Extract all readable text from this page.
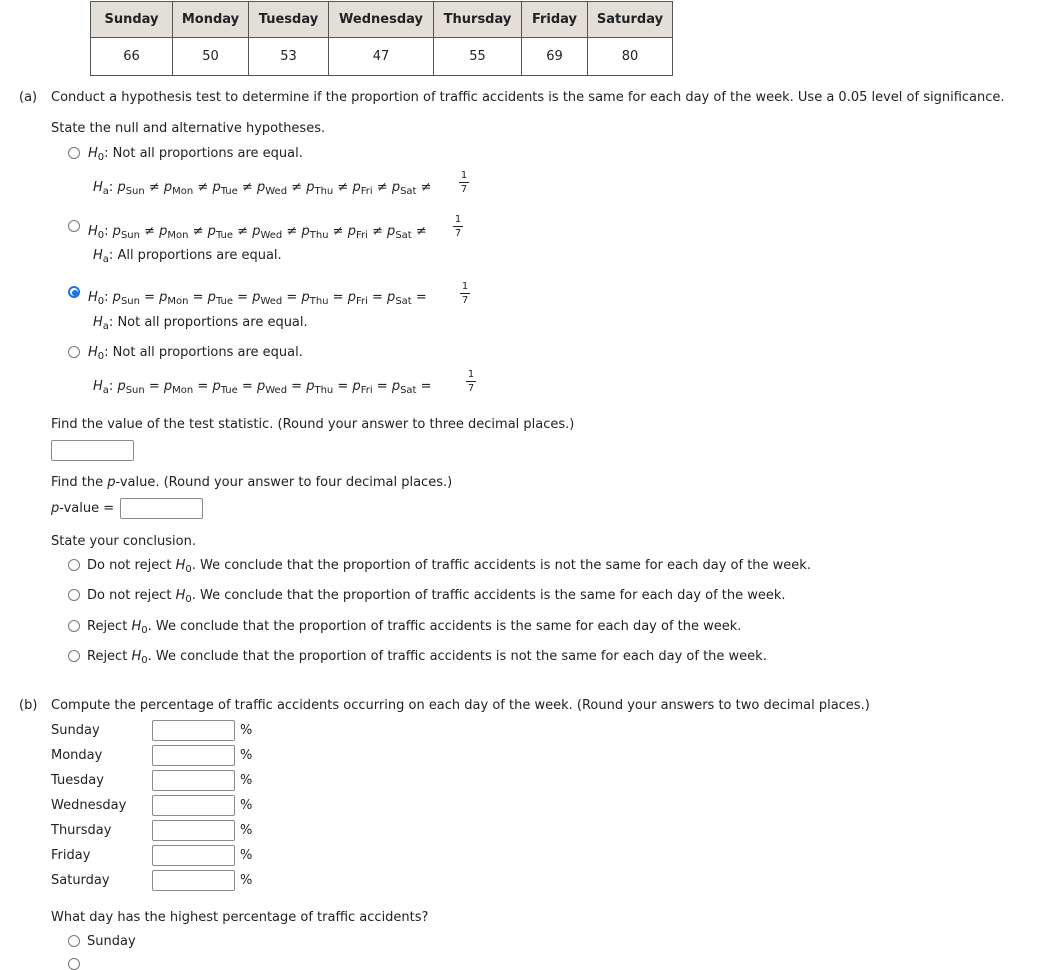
Sunday	Monday	Tuesday	Wednesday	Thursday	Friday	Saturday
66	50	53	47	55	69	80
(a) Conduct a hypothesis test to determine if the proportion of traffic accidents is the same for each day of the week. Use a 0.05 level of significance.
State the null and alternative hypotheses.
$H_0$: Not all proportions are equal.
$H_a$: $p_{Sun} \ne p_{Mon} \ne p_{Tue} \ne p_{Wed} \ne p_{Thu} \ne p_{Fri} \ne p_{Sat}$ ≠	$\frac{1}{7}$
$H_0$: $p_{Sun} \ne p_{Mon} \ne p_{Tue} \ne p_{Wed} \ne p_{Thu} \ne p_{Fri} \ne p_{Sat}$ ≠	$\frac{1}{7}$
$H_a$: All proportions are equal.
$H_0$: $p_{Sun} = p_{Mon} = p_{Tue} = p_{Wed} = p_{Thu} = p_{Fri} = p_{Sat}$ =	$\frac{1}{7}$
$H_a$: Not all proportions are equal.
$H_0$: Not all proportions are equal.
$H_a$: $p_{Sun} = p_{Mon} = p_{Tue} = p_{Wed} = p_{Thu} = p_{Fri} = p_{Sat}$ =	$\frac{1}{7}$
Find the value of the test statistic. (Round your answer to three decimal places.)
Find the p-value. (Round your answer to four decimal places.)
p-value =
State your conclusion.
Do not reject $H_0$. We conclude that the proportion of traffic accidents is not the same for each day of the week.
Do not reject $H_0$. We conclude that the proportion of traffic accidents is the same for each day of the week.
Reject $H_0$. We conclude that the proportion of traffic accidents is the same for each day of the week.
Reject $H_0$. We conclude that the proportion of traffic accidents is not the same for each day of the week.
(b) Compute the percentage of traffic accidents occurring on each day of the week. (Round your answers to two decimal places.)
Sunday	%
Monday	%
Tuesday	%
Wednesday	%
Thursday	%
Friday	%
Saturday	%
What day has the highest percentage of traffic accidents?
Sunday
